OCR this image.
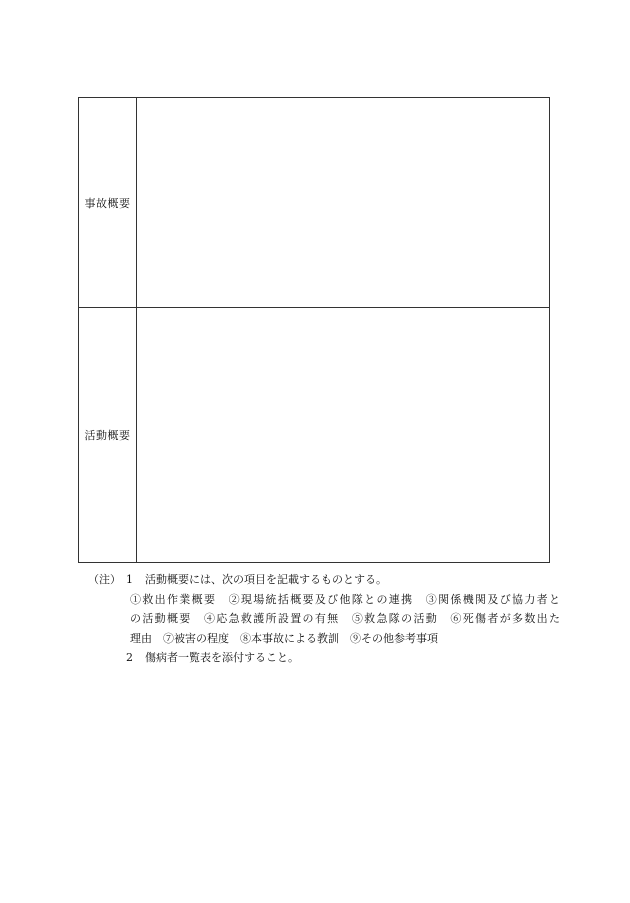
事故概要
活動概要
（注） 1 活動概要には、次の項目を記載するものとする。
①救出作業概要　②現場統括概要及び他隊との連携　③関係機関及び協力者と
の活動概要　④応急救護所設置の有無　⑤救急隊の活動　⑥死傷者が多数出た
理由　⑦被害の程度　⑧本事故による教訓　⑨その他参考事項
2 傷病者一覧表を添付すること。
